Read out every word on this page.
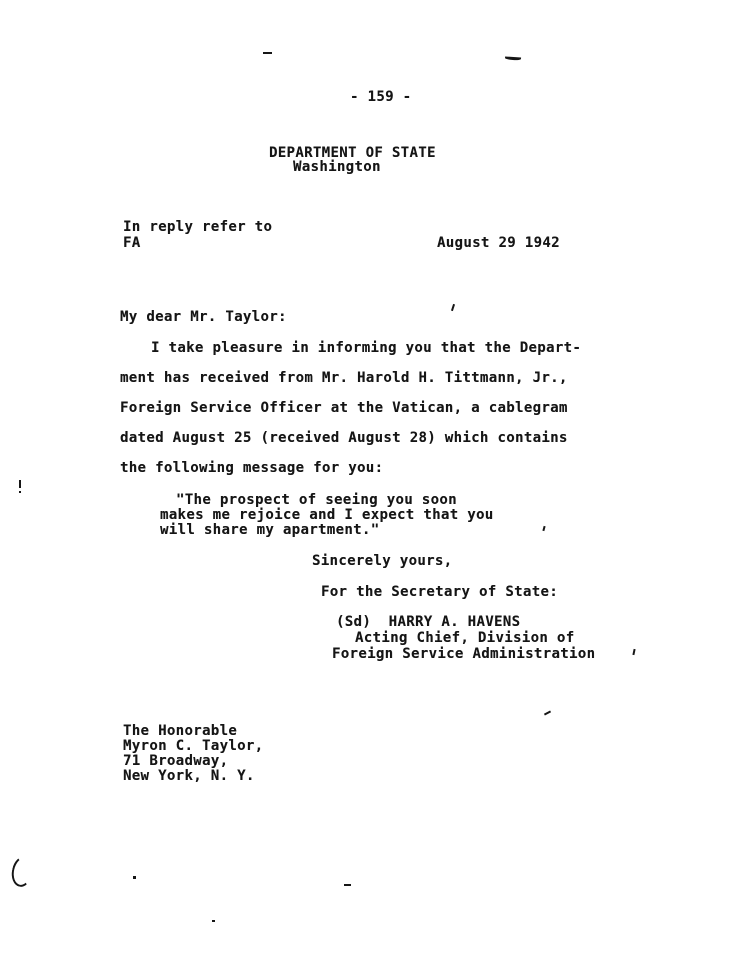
- 159 -
DEPARTMENT OF STATE
Washington
In reply refer to
FA	August 29 1942
My dear Mr. Taylor:
I take pleasure in informing you that the Depart-
ment has received from Mr. Harold H. Tittmann, Jr.,
Foreign Service Officer at the Vatican, a cablegram
dated August 25 (received August 28) which contains
the following message for you:
"The prospect of seeing you soon
makes me rejoice and I expect that you
will share my apartment."
Sincerely yours,
For the Secretary of State:
(Sd)  HARRY A. HAVENS
Acting Chief, Division of
Foreign Service Administration
The Honorable
Myron C. Taylor,
71 Broadway,
New York, N. Y.
